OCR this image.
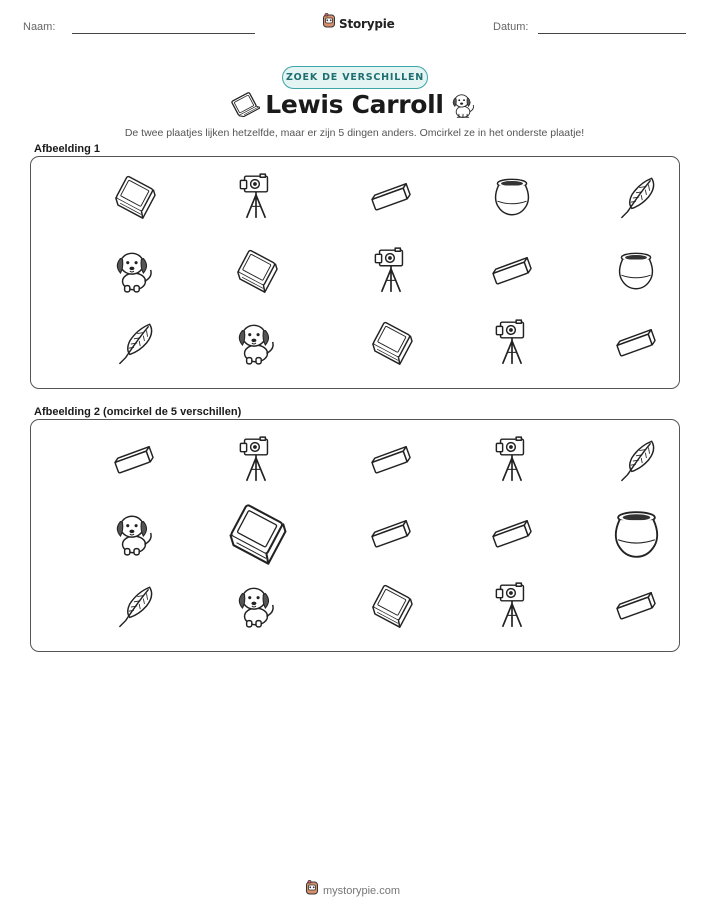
Naam:	Storypie	Datum:
ZOEK DE VERSCHILLEN
Lewis Carroll
De twee plaatjes lijken hetzelfde, maar er zijn 5 dingen anders. Omcirkel ze in het onderste plaatje!
Afbeelding 1
Afbeelding 2 (omcirkel de 5 verschillen)
mystorypie.com
